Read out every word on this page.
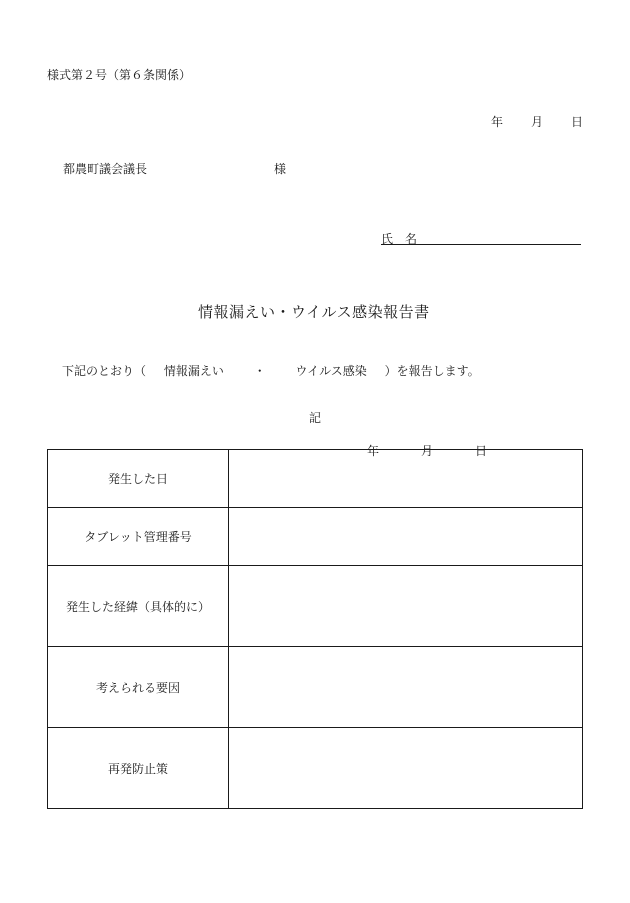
様式第２号（第６条関係）
年 月 日
都農町議会議長	様
氏名
情報漏えい・ウイルス感染報告書
下記のとおり（ 情報漏えい ・ ウイルス感染 ）を報告します。
記
発生した日	年 月 日

タブレット管理番号	
発生した経緯（具体的に）	
考えられる要因	
再発防止策	
